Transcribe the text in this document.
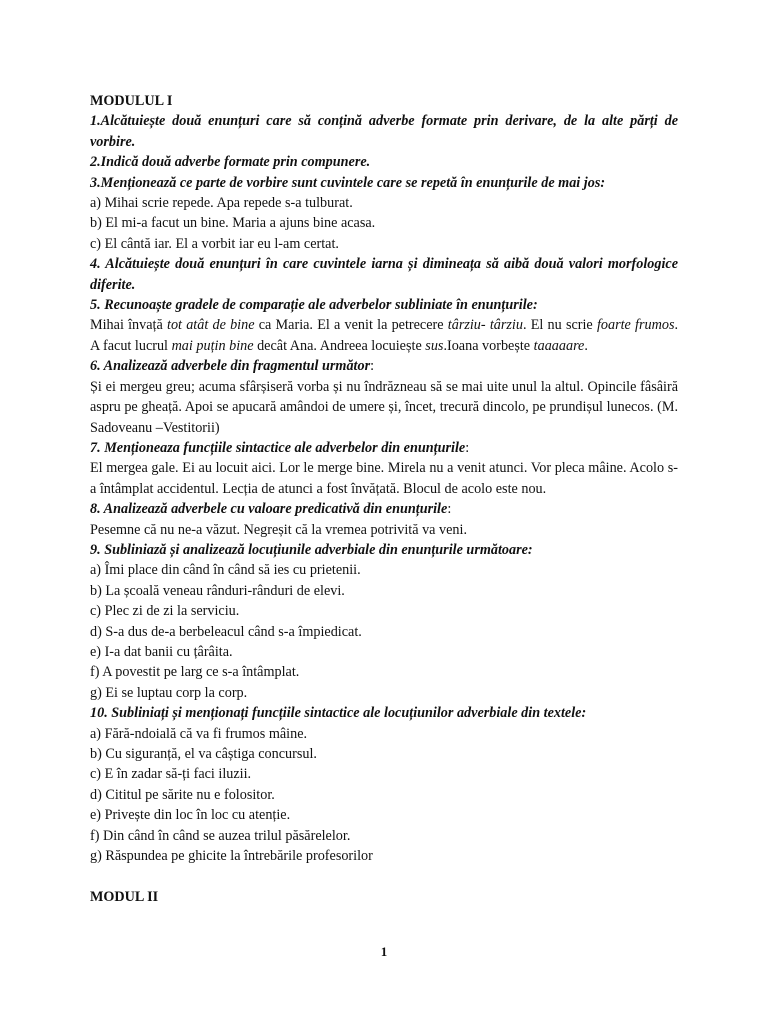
MODULUL I

1.Alcătuiește două enunțuri care să conțină adverbe formate prin derivare, de la alte părți de vorbire.

2.Indică două adverbe formate prin compunere.

3.Menționează ce parte de vorbire sunt cuvintele care se repetă în enunțurile de mai jos:

a) Mihai scrie repede. Apa repede s-a tulburat.

b) El mi-a facut un bine. Maria a ajuns bine acasa.

c) El cântă iar. El a vorbit iar eu l-am certat.

4. Alcătuiește două enunțuri în care cuvintele iarna și dimineața să aibă două valori morfologice diferite.

5. Recunoaște gradele de comparație ale adverbelor subliniate în enunțurile:

Mihai învață tot atât de bine ca Maria. El a venit la petrecere târziu- târziu. El nu scrie foarte frumos. A facut lucrul mai puțin bine decât Ana. Andreea locuiește sus.Ioana vorbește taaaaare.

6. Analizează adverbele din fragmentul următor:

Și ei mergeu greu; acuma sfârșiseră vorba și nu îndrăzneau să se mai uite unul la altul. Opincile fâsâiră aspru pe gheață. Apoi se apucară amândoi de umere și, încet, trecură dincolo, pe prundișul lunecos. (M. Sadoveanu –Vestitorii)

7. Menționeaza funcțiile sintactice ale adverbelor din enunțurile:

El mergea gale. Ei au locuit aici. Lor le merge bine. Mirela nu a venit atunci. Vor pleca mâine. Acolo s-a întâmplat accidentul. Lecția de atunci a fost învățată. Blocul de acolo este nou.

8. Analizează adverbele cu valoare predicativă din enunțurile:

Pesemne că nu ne-a văzut. Negreșit că la vremea potrivită va veni.

9. Subliniază și analizează locuțiunile adverbiale din enunțurile următoare:

a) Îmi place din când în când să ies cu prietenii.

b) La școală veneau rânduri-rânduri de elevi.

c) Plec zi de zi la serviciu.

d) S-a dus de-a berbeleacul când s-a împiedicat.

e) I-a dat banii cu țârâita.

f) A povestit pe larg ce s-a întâmplat.

g) Ei se luptau corp la corp.

10. Subliniați și menționați funcțiile sintactice ale locuțiunilor adverbiale din textele:

a) Fără-ndoială că va fi frumos mâine.

b) Cu siguranță, el va câștiga concursul.

c) E în zadar să-ți faci iluzii.

d) Cititul pe sărite nu e folositor.

e) Privește din loc în loc cu atenție.

f) Din când în când se auzea trilul păsărelelor.

g) Răspundea pe ghicite la întrebările profesorilor

MODUL II

1
